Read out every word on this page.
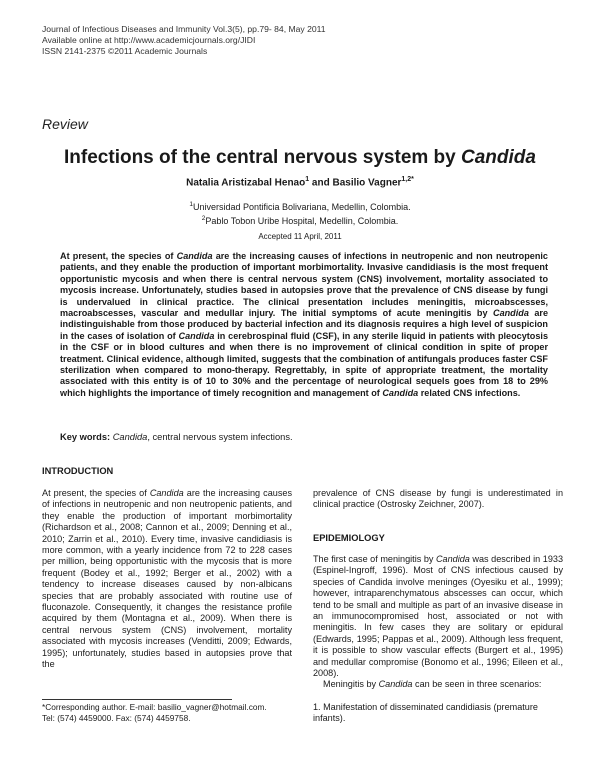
Journal of Infectious Diseases and Immunity Vol.3(5), pp.79- 84, May 2011
Available online at http://www.academicjournals.org/JIDI
ISSN 2141-2375 ©2011 Academic Journals
Review
Infections of the central nervous system by Candida
Natalia Aristizabal Henao$^1$ and Basilio Vagner$^{1,2*}$
$^1$Universidad Pontificia Bolivariana, Medellin, Colombia.
$^2$Pablo Tobon Uribe Hospital, Medellin, Colombia.
Accepted 11 April, 2011

At present, the species of Candida are the increasing causes of infections in neutropenic and non neutropenic patients, and they enable the production of important morbimortality. Invasive candidiasis is the most frequent opportunistic mycosis and when there is central nervous system (CNS) involvement, mortality associated to mycosis increase. Unfortunately, studies based in autopsies prove that the prevalence of CNS disease by fungi is undervalued in clinical practice. The clinical presentation includes meningitis, microabscesses, macroabscesses, vascular and medullar injury. The initial symptoms of acute meningitis by Candida are indistinguishable from those produced by bacterial infection and its diagnosis requires a high level of suspicion in the cases of isolation of Candida in cerebrospinal fluid (CSF), in any sterile liquid in patients with pleocytosis in the CSF or in blood cultures and when there is no improvement of clinical condition in spite of proper treatment. Clinical evidence, although limited, suggests that the combination of antifungals produces faster CSF sterilization when compared to mono-therapy. Regrettably, in spite of appropriate treatment, the mortality associated with this entity is of 10 to 30% and the percentage of neurological sequels goes from 18 to 29% which highlights the importance of timely recognition and management of Candida related CNS infections.

Key words: Candida, central nervous system infections.
INTRODUCTION

At present, the species of Candida are the increasing causes of infections in neutropenic and non neutropenic patients, and they enable the production of important morbimortality (Richardson et al., 2008; Cannon et al., 2009; Denning et al., 2010; Zarrin et al., 2010). Every time, invasive candidiasis is more common, with a yearly incidence from 72 to 228 cases per million, being opportunistic with the mycosis that is more frequent (Bodey et al., 1992; Berger et al., 2002) with a tendency to increase diseases caused by non-albicans species that are probably associated with routine use of fluconazole. Consequently, it changes the resistance profile acquired by them (Montagna et al., 2009). When there is central nervous system (CNS) involvement, mortality associated with mycosis increases (Venditti, 2009; Edwards, 1995); unfortunately, studies based in autopsies prove that the

prevalence of CNS disease by fungi is underestimated in clinical practice (Ostrosky Zeichner, 2007).

EPIDEMIOLOGY

The first case of meningitis by Candida was described in 1933 (Espinel-Ingroff, 1996). Most of CNS infectious caused by species of Candida involve meninges (Oyesiku et al., 1999); however, intraparenchymatous abscesses can occur, which tend to be small and multiple as part of an invasive disease in an immunocompromised host, associated or not with meningitis. In few cases they are solitary or epidural (Edwards, 1995; Pappas et al., 2009). Although less frequent, it is possible to show vascular effects (Burgert et al., 1995) and medullar compromise (Bonomo et al., 1996; Eileen et al., 2008).

Meningitis by Candida can be seen in three scenarios:

1. Manifestation of disseminated candidiasis (premature infants).
*Corresponding author. E-mail: basilio_vagner@hotmail.com.
Tel: (574) 4459000. Fax: (574) 4459758.
